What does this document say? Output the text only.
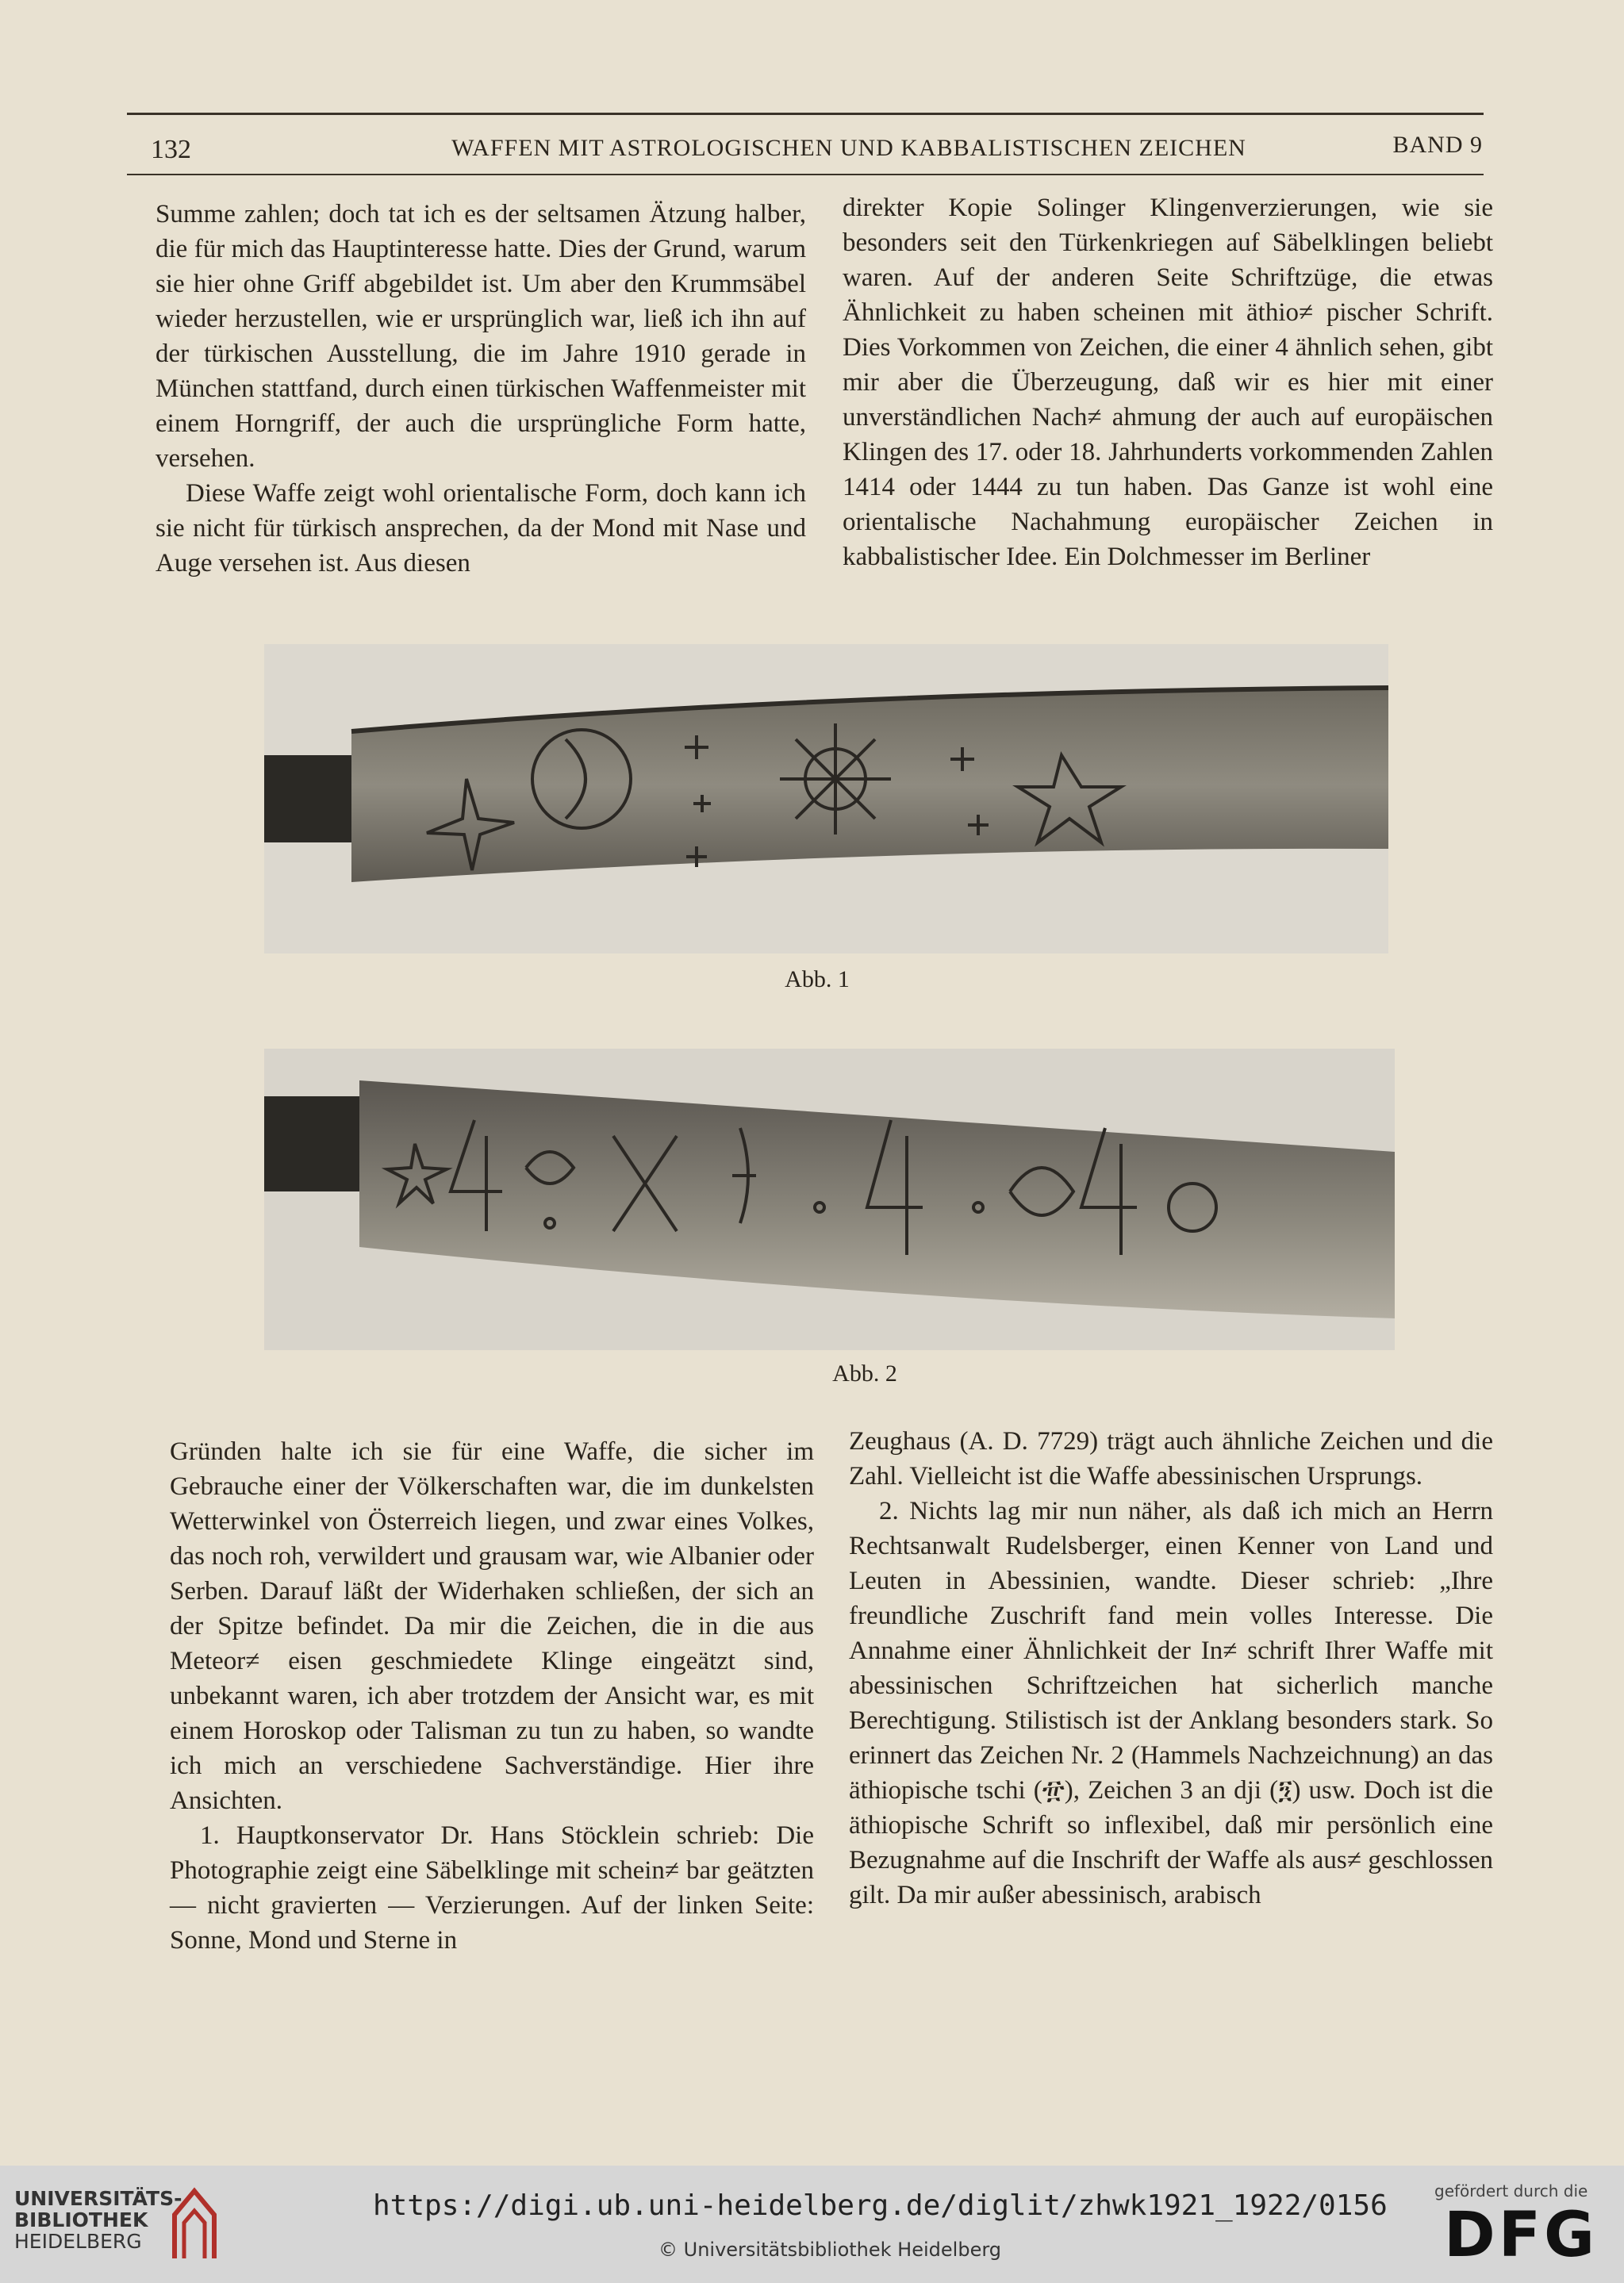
132	WAFFEN MIT ASTROLOGISCHEN UND KABBALISTISCHEN ZEICHEN	BAND 9

Summe zahlen; doch tat ich es der seltsamen Ätzung halber, die für mich das Hauptinteresse hatte. Dies der Grund, warum sie hier ohne Griff abgebildet ist. Um aber den Krummsäbel wieder herzustellen, wie er ursprünglich war, ließ ich ihn auf der türkischen Ausstellung, die im Jahre 1910 gerade in München stattfand, durch einen türkischen Waffenmeister mit einem Horngriff, der auch die ursprüngliche Form hatte, versehen.

Diese Waffe zeigt wohl orientalische Form, doch kann ich sie nicht für türkisch ansprechen, da der Mond mit Nase und Auge versehen ist. Aus diesen

direkter Kopie Solinger Klingenverzierungen, wie sie besonders seit den Türkenkriegen auf Säbelklingen beliebt waren. Auf der anderen Seite Schriftzüge, die etwas Ähnlichkeit zu haben scheinen mit äthio≠ pischer Schrift. Dies Vorkommen von Zeichen, die einer 4 ähnlich sehen, gibt mir aber die Überzeugung, daß wir es hier mit einer unverständlichen Nach≠ ahmung der auch auf europäischen Klingen des 17. oder 18. Jahrhunderts vorkommenden Zahlen 1414 oder 1444 zu tun haben. Das Ganze ist wohl eine orientalische Nachahmung europäischer Zeichen in kabbalistischer Idee. Ein Dolchmesser im Berliner

Abb. 1
Abb. 2

Gründen halte ich sie für eine Waffe, die sicher im Gebrauche einer der Völkerschaften war, die im dunkelsten Wetterwinkel von Österreich liegen, und zwar eines Volkes, das noch roh, verwildert und grausam war, wie Albanier oder Serben. Darauf läßt der Widerhaken schließen, der sich an der Spitze befindet. Da mir die Zeichen, die in die aus Meteor≠ eisen geschmiedete Klinge eingeätzt sind, unbekannt waren, ich aber trotzdem der Ansicht war, es mit einem Horoskop oder Talisman zu tun zu haben, so wandte ich mich an verschiedene Sachverständige. Hier ihre Ansichten.

1. Hauptkonservator Dr. Hans Stöcklein schrieb: Die Photographie zeigt eine Säbelklinge mit schein≠ bar geätzten — nicht gravierten — Verzierungen. Auf der linken Seite: Sonne, Mond und Sterne in

Zeughaus (A. D. 7729) trägt auch ähnliche Zeichen und die Zahl. Vielleicht ist die Waffe abessinischen Ursprungs.

2. Nichts lag mir nun näher, als daß ich mich an Herrn Rechtsanwalt Rudelsberger, einen Kenner von Land und Leuten in Abessinien, wandte. Dieser schrieb: „Ihre freundliche Zuschrift fand mein volles Interesse. Die Annahme einer Ähnlichkeit der In≠ schrift Ihrer Waffe mit abessinischen Schriftzeichen hat sicherlich manche Berechtigung. Stilistisch ist der Anklang besonders stark. So erinnert das Zeichen Nr. 2 (Hammels Nachzeichnung) an das äthiopische tschi (፹), Zeichen 3 an dji (፺) usw. Doch ist die äthiopische Schrift so inflexibel, daß mir persönlich eine Bezugnahme auf die Inschrift der Waffe als aus≠ geschlossen gilt. Da mir außer abessinisch, arabisch

UNIVERSITÄTS-
BIBLIOTHEK
HEIDELBERG
https://digi.ub.uni-heidelberg.de/diglit/zhwk1921_1922/0156
© Universitätsbibliothek Heidelberg
gefördert durch die
DFG
